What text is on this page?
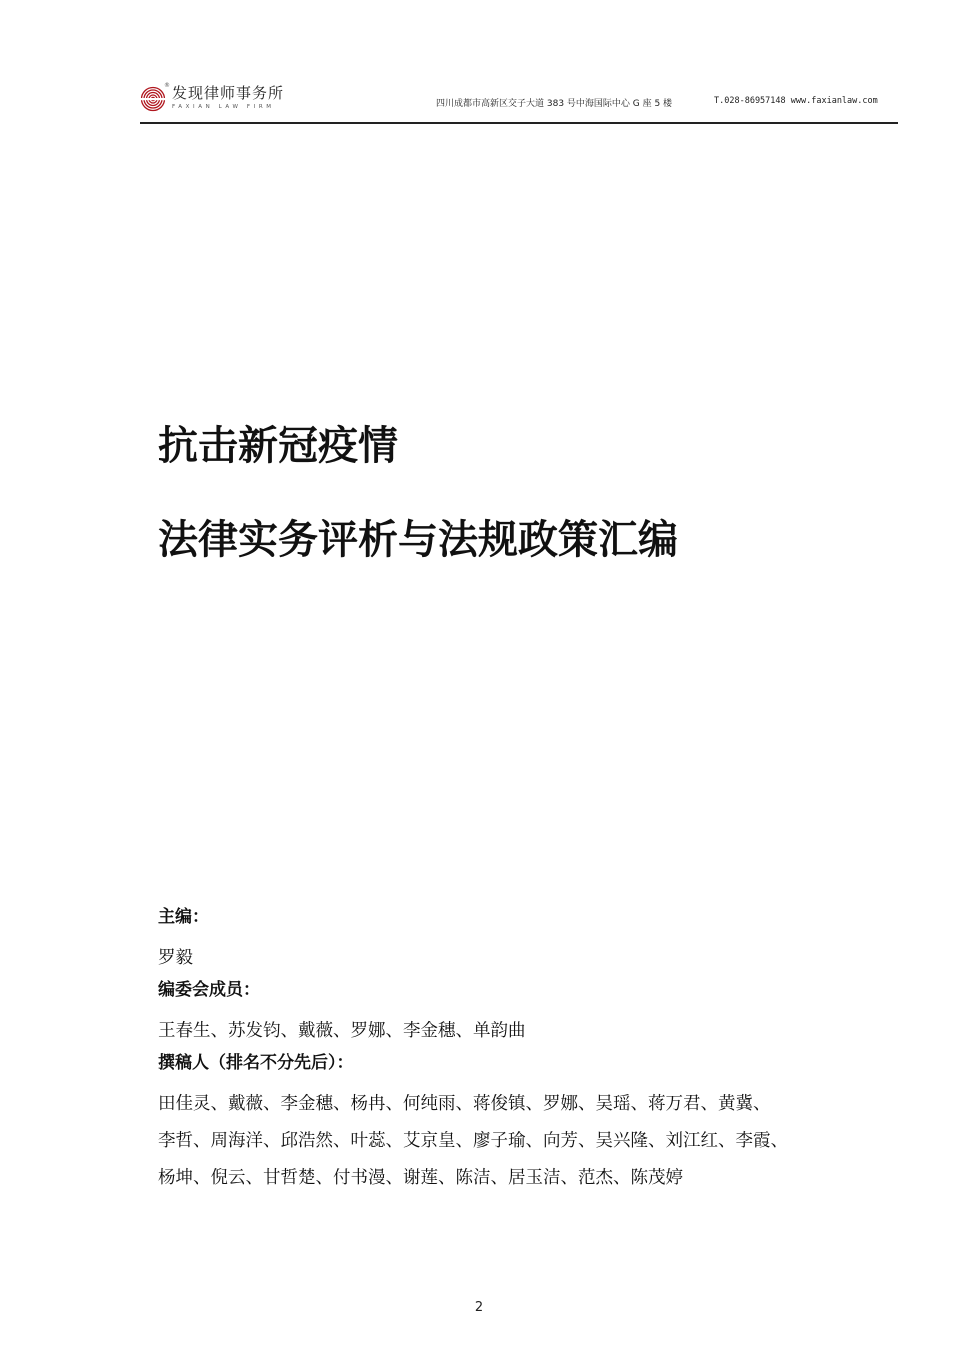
® 发现律师事务所
FAXIAN LAW FIRM	四川成都市高新区交子大道 383 号中海国际中心 G 座 5 楼	T.028-86957148 www.faxianlaw.com
抗击新冠疫情
法律实务评析与法规政策汇编
主编：
罗毅
编委会成员：
王春生、苏发钧、戴薇、罗娜、李金穗、单韵曲
撰稿人（排名不分先后）：
田佳灵、戴薇、李金穗、杨冉、何纯雨、蒋俊镇、罗娜、吴瑶、蒋万君、黄冀、
李哲、周海洋、邱浩然、叶蕊、艾京皇、廖子瑜、向芳、吴兴隆、刘江红、李霞、
杨坤、倪云、甘哲楚、付书漫、谢莲、陈洁、居玉洁、范杰、陈茂婷
2
